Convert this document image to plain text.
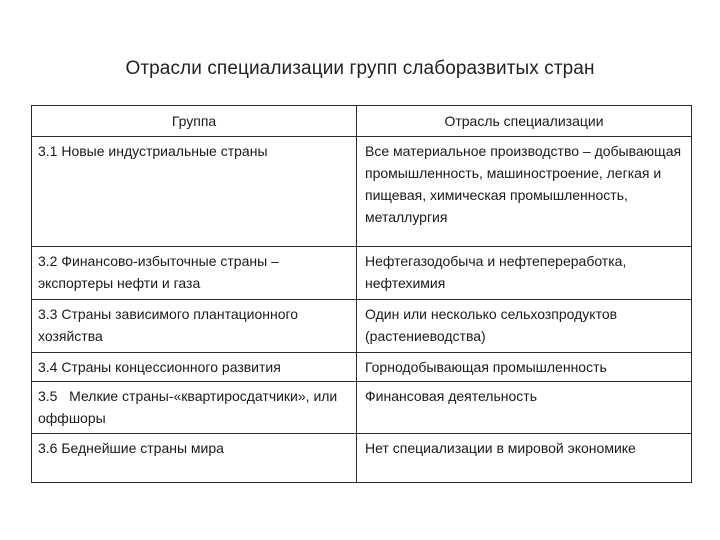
Отрасли специализации групп слаборазвитых стран
Группа	Отрасль специализации
3.1 Новые индустриальные страны	Все материальное производство – добывающая промышленность, машиностроение, легкая и пищевая, химическая промышленность, металлургия
3.2 Финансово-избыточные страны – экспортеры нефти и газа	Нефтегазодобыча и нефтепереработка, нефтехимия
3.3 Страны зависимого плантационного хозяйства	Один или несколько сельхозпродуктов (растениеводства)
3.4 Страны концессионного развития	Горнодобывающая промышленность
3.5   Мелкие страны-«квартиросдатчики», или оффшоры	Финансовая деятельность
3.6 Беднейшие страны мира	Нет специализации в мировой экономике
